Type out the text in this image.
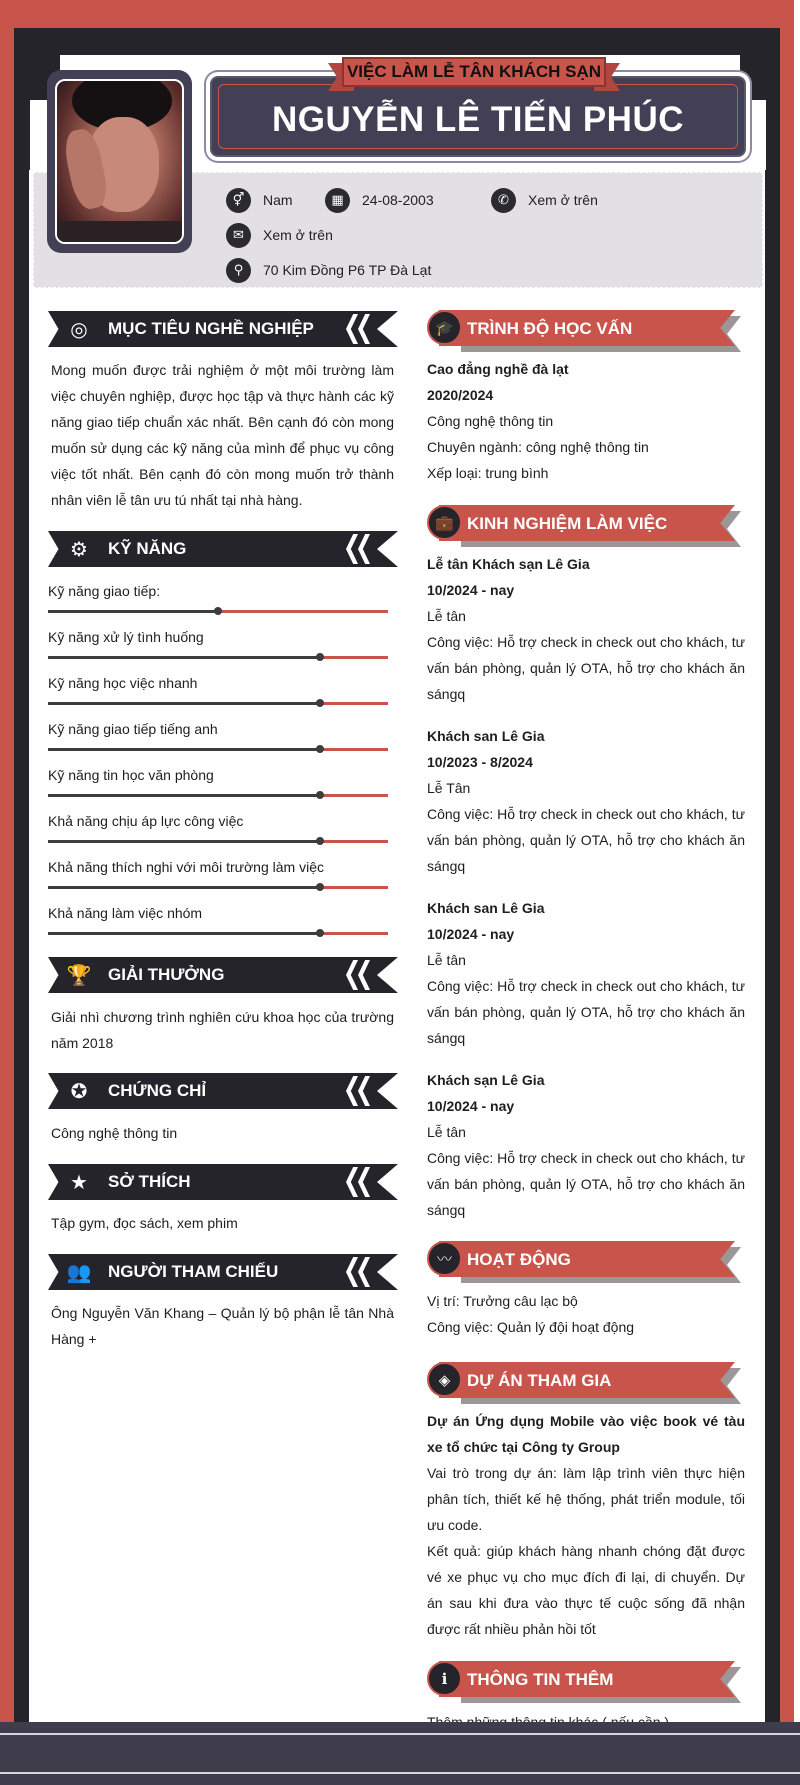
⚥	Nam	▦	24-08-2003	✆	Xem ở trên
✉	Xem ở trên
⚲	70 Kim Đồng P6 TP Đà Lạt
NGUYỄN LÊ TIẾN PHÚC
VIỆC LÀM LỄ TÂN KHÁCH SẠN
◎ MỤC TIÊU NGHỀ NGHIỆP
Mong muốn được trải nghiệm ở một môi trường làm việc chuyên nghiệp, được học tập và thực hành các kỹ năng giao tiếp chuẩn xác nhất. Bên cạnh đó còn mong muốn sử dụng các kỹ năng của mình để phục vụ công việc tốt nhất. Bên cạnh đó còn mong muốn trở thành nhân viên lễ tân ưu tú nhất tại nhà hàng.
⚙ KỸ NĂNG
Kỹ năng giao tiếp:
Kỹ năng xử lý tình huống
Kỹ năng học việc nhanh
Kỹ năng giao tiếp tiếng anh
Kỹ năng tin học văn phòng
Khả năng chịu áp lực công việc
Khả năng thích nghi với môi trường làm việc
Khả năng làm việc nhóm
🏆 GIẢI THƯỞNG
Giải nhì chương trình nghiên cứu khoa học của trường năm 2018
✪ CHỨNG CHỈ
Công nghệ thông tin
★ SỞ THÍCH
Tập gym, đọc sách, xem phim
👥 NGƯỜI THAM CHIẾU
Ông Nguyễn Văn Khang – Quản lý bộ phận lễ tân Nhà Hàng +
🎓 TRÌNH ĐỘ HỌC VẤN
Cao đẳng nghề đà lạt
2020/2024
Công nghệ thông tin
Chuyên ngành: công nghệ thông tin
Xếp loại: trung bình
💼 KINH NGHIỆM LÀM VIỆC
Lễ tân Khách sạn Lê Gia
10/2024 - nay
Lễ tân
Công việc: Hỗ trợ check in check out cho khách, tư vấn bán phòng, quản lý OTA, hỗ trợ cho khách ăn sángq
Khách san Lê Gia
10/2023 - 8/2024
Lễ Tân
Công việc: Hỗ trợ check in check out cho khách, tư vấn bán phòng, quản lý OTA, hỗ trợ cho khách ăn sángq
Khách san Lê Gia
10/2024 - nay
Lễ tân
Công việc: Hỗ trợ check in check out cho khách, tư vấn bán phòng, quản lý OTA, hỗ trợ cho khách ăn sángq
Khách sạn Lê Gia
10/2024 - nay
Lễ tân
Công việc: Hỗ trợ check in check out cho khách, tư vấn bán phòng, quản lý OTA, hỗ trợ cho khách ăn sángq
〰 HOẠT ĐỘNG
Vị trí: Trưởng câu lạc bộ
Công việc: Quản lý đội hoạt động
◈ DỰ ÁN THAM GIA
Dự án Ứng dụng Mobile vào việc book vé tàu xe tổ chức tại Công ty Group
Vai trò trong dự án: làm lập trình viên thực hiện phân tích, thiết kế hệ thống, phát triển module, tối ưu code.
Kết quả: giúp khách hàng nhanh chóng đặt được vé xe phục vụ cho mục đích đi lại, di chuyển. Dự án sau khi đưa vào thực tế cuộc sống đã nhận được rất nhiều phản hồi tốt
ℹ	THÔNG TIN THÊM
